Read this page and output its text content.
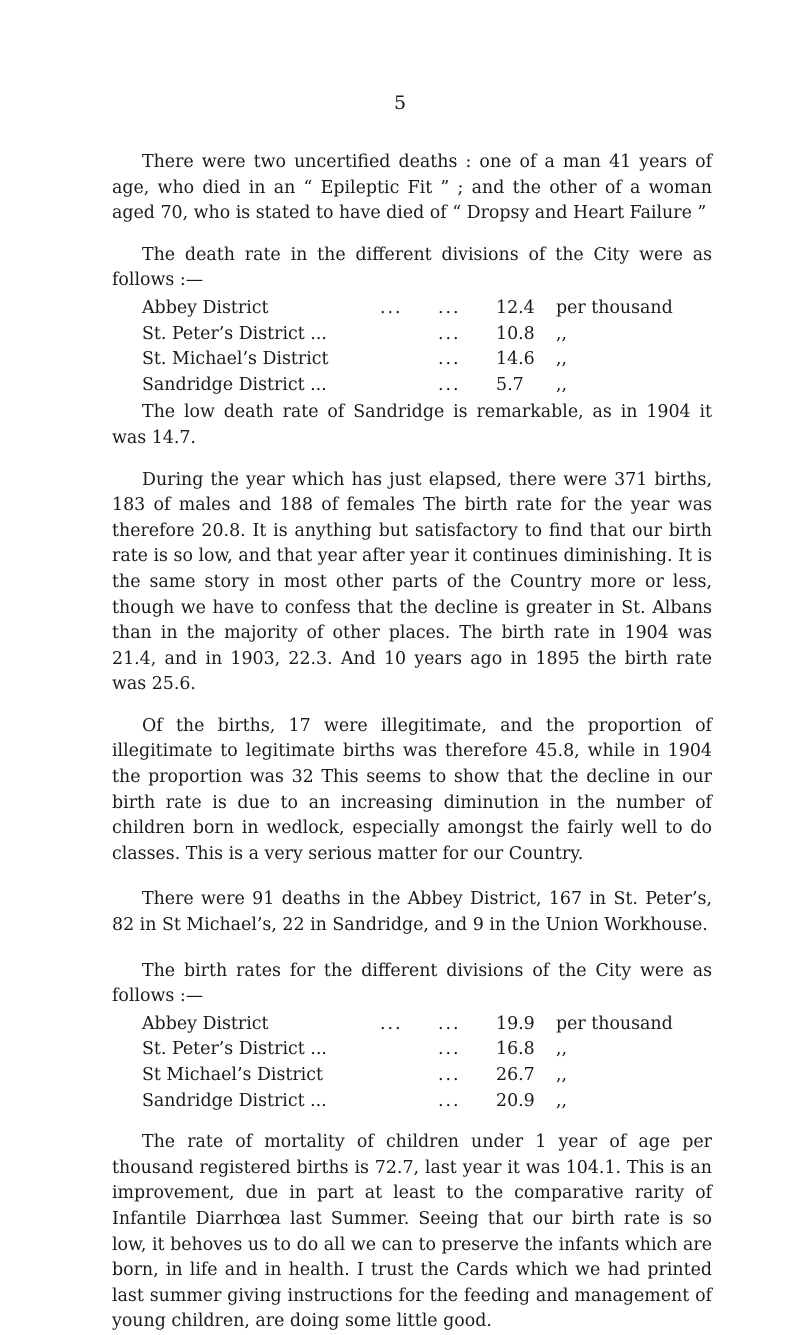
5

There were two uncertified deaths : one of a man 41 years of age, who died in an “ Epileptic Fit ” ; and the other of a woman aged 70, who is stated to have died of “ Dropsy and Heart Failure ”

The death rate in the different divisions of the City were as follows :—

Abbey District	...	...	12.4	per thousand
St. Peter’s District ...		...	10.8	,,
St. Michael’s District		...	14.6	,,
Sandridge District ...		...	5.7	,,

The low death rate of Sandridge is remarkable, as in 1904 it was 14.7.

During the year which has just elapsed, there were 371 births, 183 of males and 188 of females The birth rate for the year was therefore 20.8. It is anything but satisfactory to find that our birth rate is so low, and that year after year it continues diminishing. It is the same story in most other parts of the Country more or less, though we have to confess that the decline is greater in St. Albans than in the majority of other places. The birth rate in 1904 was 21.4, and in 1903, 22.3. And 10 years ago in 1895 the birth rate was 25.6.

Of the births, 17 were illegitimate, and the proportion of illegitimate to legitimate births was therefore 45.8, while in 1904 the proportion was 32 This seems to show that the decline in our birth rate is due to an increasing diminution in the number of children born in wedlock, especially amongst the fairly well to do classes. This is a very serious matter for our Country.

There were 91 deaths in the Abbey District, 167 in St. Peter’s, 82 in St Michael’s, 22 in Sandridge, and 9 in the Union Workhouse.

The birth rates for the different divisions of the City were as follows :—

Abbey District	...	...	19.9	per thousand
St. Peter’s District ...		...	16.8	,,
St Michael’s District		...	26.7	,,
Sandridge District ...		...	20.9	,,

The rate of mortality of children under 1 year of age per thousand registered births is 72.7, last year it was 104.1. This is an improvement, due in part at least to the comparative rarity of Infantile Diarrhœa last Summer. Seeing that our birth rate is so low, it behoves us to do all we can to preserve the infants which are born, in life and in health. I trust the Cards which we had printed last summer giving instructions for the feeding and management of young children, are doing some little good.
